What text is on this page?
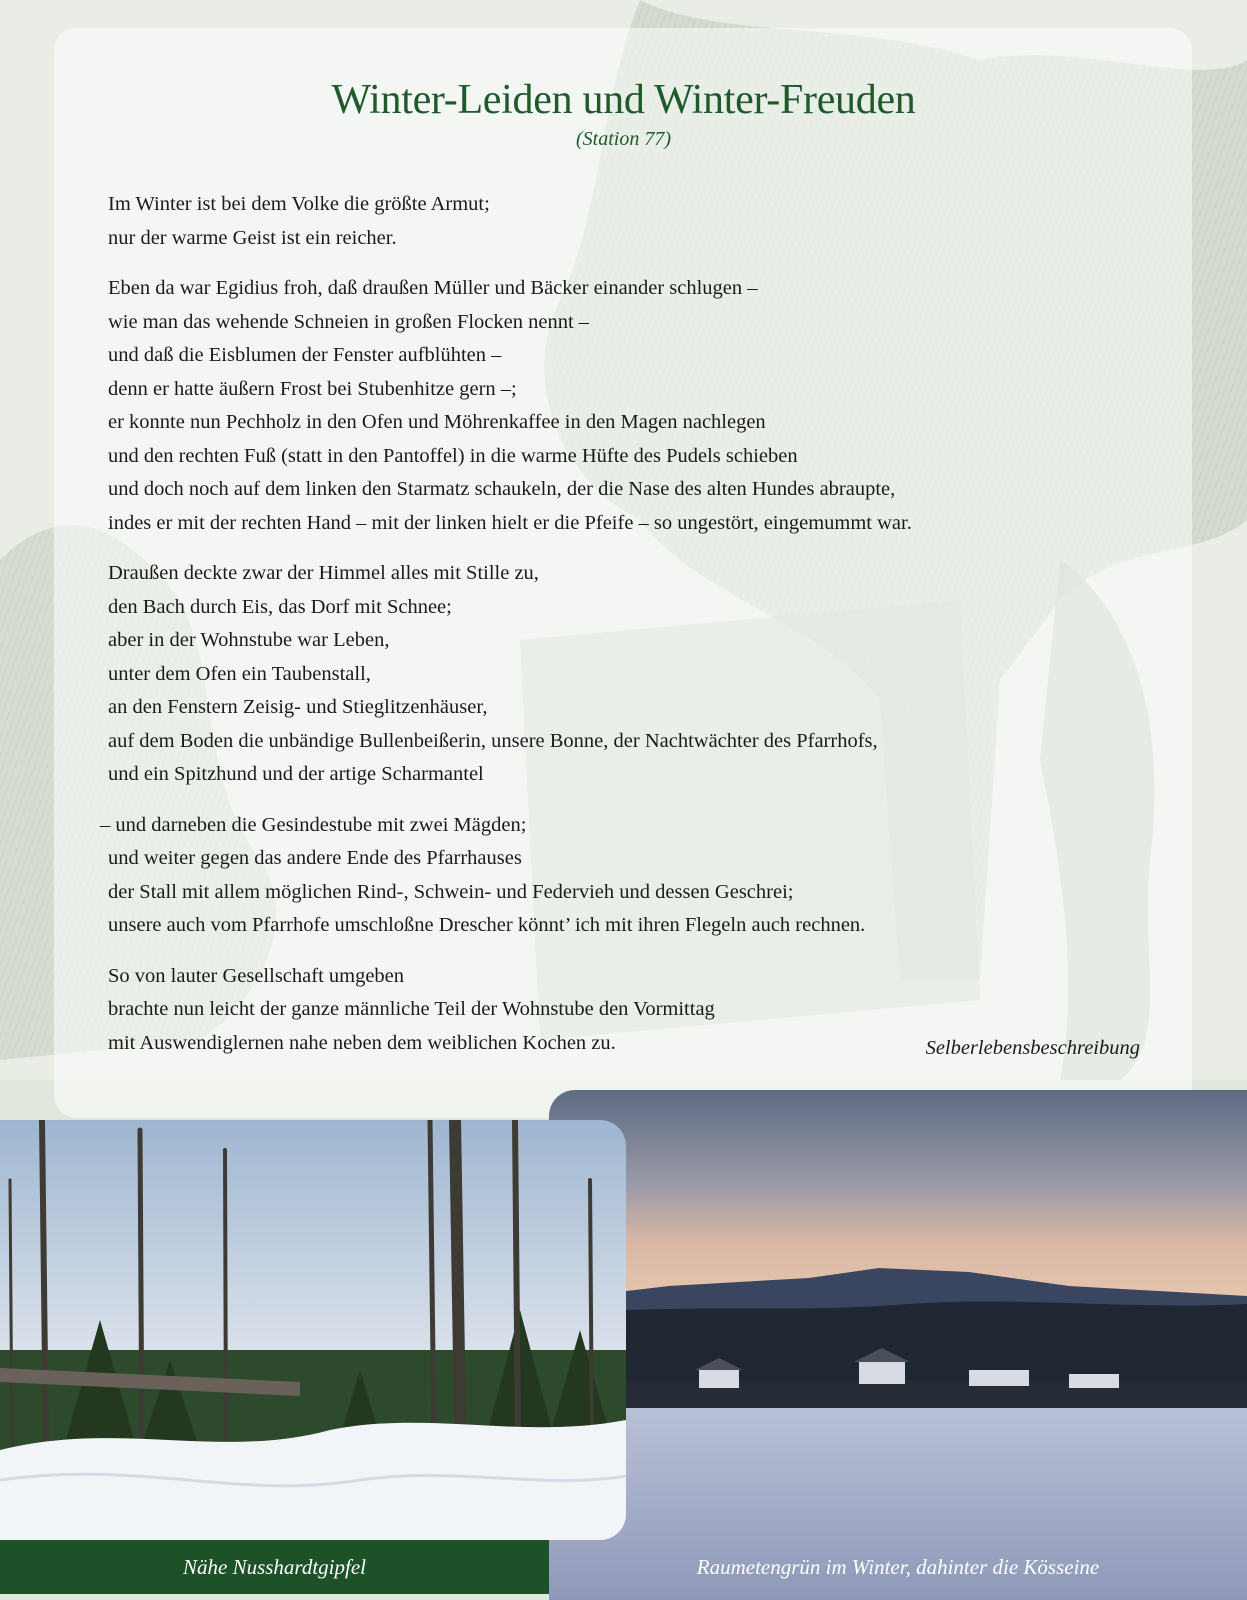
Winter-Leiden und Winter-Freuden

(Station 77)

Im Winter ist bei dem Volke die größte Armut;
nur der warme Geist ist ein reicher.

Eben da war Egidius froh, daß draußen Müller und Bäcker einander schlugen –
wie man das wehende Schneien in großen Flocken nennt –
und daß die Eisblumen der Fenster aufblühten –
denn er hatte äußern Frost bei Stubenhitze gern –;
er konnte nun Pechholz in den Ofen und Möhrenkaffee in den Magen nachlegen
und den rechten Fuß (statt in den Pantoffel) in die warme Hüfte des Pudels schieben
und doch noch auf dem linken den Starmatz schaukeln, der die Nase des alten Hundes abraupte,
indes er mit der rechten Hand – mit der linken hielt er die Pfeife – so ungestört, eingemummt war.

Draußen deckte zwar der Himmel alles mit Stille zu,
den Bach durch Eis, das Dorf mit Schnee;
aber in der Wohnstube war Leben,
unter dem Ofen ein Taubenstall,
an den Fenstern Zeisig- und Stieglitzenhäuser,
auf dem Boden die unbändige Bullenbeißerin, unsere Bonne, der Nachtwächter des Pfarrhofs,
und ein Spitzhund und der artige Scharmantel

– und darneben die Gesindestube mit zwei Mägden;
und weiter gegen das andere Ende des Pfarrhauses
der Stall mit allem möglichen Rind-, Schwein- und Federvieh und dessen Geschrei;
unsere auch vom Pfarrhofe umschloßne Drescher könnt’ ich mit ihren Flegeln auch rechnen.

So von lauter Gesellschaft umgeben
brachte nun leicht der ganze männliche Teil der Wohnstube den Vormittag
mit Auswendiglernen nahe neben dem weiblichen Kochen zu.	Selberlebensbeschreibung
Nähe Nusshardtgipfel	Raumetengrün im Winter, dahinter die Kösseine
